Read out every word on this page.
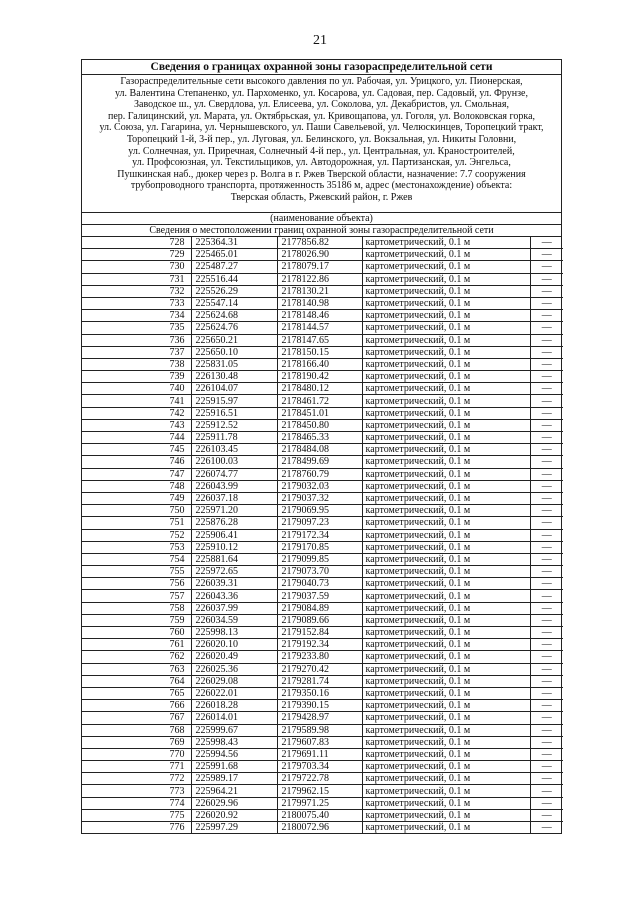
21
Сведения о границах охранной зоны газораспределительной сети
Газораспределительные сети высокого давления по ул. Рабочая, ул. Урицкого, ул. Пионерская,
ул. Валентина Степаненко, ул. Пархоменко, ул. Косарова, ул. Садовая, пер. Садовый, ул. Фрунзе,
Заводское ш., ул. Свердлова, ул. Елисеева, ул. Соколова, ул. Декабристов, ул. Смольная,
пер. Галицинский, ул. Марата, ул. Октябрьская, ул. Кривощапова, ул. Гоголя, ул. Волоковская горка,
ул. Союза, ул. Гагарина, ул. Чернышевского, ул. Паши Савельевой, ул. Челюскинцев, Торопецкий тракт,
Торопецкий 1-й, 3-й пер., ул. Луговая, ул. Белинского, ул. Вокзальная, ул. Никиты Головни,
ул. Солнечная, ул. Приречная, Солнечный 4-й пер., ул. Центральная, ул. Краностроителей,
ул. Профсоюзная, ул. Текстильщиков, ул. Автодорожная, ул. Партизанская, ул. Энгельса,
Пушкинская наб., дюкер через р. Волга в г. Ржев Тверской области, назначение: 7.7 сооружения
трубопроводного транспорта, протяженность 35186 м, адрес (местонахождение) объекта:
Тверская область, Ржевский район, г. Ржев
(наименование объекта)
Сведения о местоположении границ охранной зоны газораспределительной сети
728	225364.31	2177856.82	картометрический, 0.1 м	—
729	225465.01	2178026.90	картометрический, 0.1 м	—
730	225487.27	2178079.17	картометрический, 0.1 м	—
731	225516.44	2178122.86	картометрический, 0.1 м	—
732	225526.29	2178130.21	картометрический, 0.1 м	—
733	225547.14	2178140.98	картометрический, 0.1 м	—
734	225624.68	2178148.46	картометрический, 0.1 м	—
735	225624.76	2178144.57	картометрический, 0.1 м	—
736	225650.21	2178147.65	картометрический, 0.1 м	—
737	225650.10	2178150.15	картометрический, 0.1 м	—
738	225831.05	2178166.40	картометрический, 0.1 м	—
739	226130.48	2178190.42	картометрический, 0.1 м	—
740	226104.07	2178480.12	картометрический, 0.1 м	—
741	225915.97	2178461.72	картометрический, 0.1 м	—
742	225916.51	2178451.01	картометрический, 0.1 м	—
743	225912.52	2178450.80	картометрический, 0.1 м	—
744	225911.78	2178465.33	картометрический, 0.1 м	—
745	226103.45	2178484.08	картометрический, 0.1 м	—
746	226100.03	2178499.69	картометрический, 0.1 м	—
747	226074.77	2178760.79	картометрический, 0.1 м	—
748	226043.99	2179032.03	картометрический, 0.1 м	—
749	226037.18	2179037.32	картометрический, 0.1 м	—
750	225971.20	2179069.95	картометрический, 0.1 м	—
751	225876.28	2179097.23	картометрический, 0.1 м	—
752	225906.41	2179172.34	картометрический, 0.1 м	—
753	225910.12	2179170.85	картометрический, 0.1 м	—
754	225881.64	2179099.85	картометрический, 0.1 м	—
755	225972.65	2179073.70	картометрический, 0.1 м	—
756	226039.31	2179040.73	картометрический, 0.1 м	—
757	226043.36	2179037.59	картометрический, 0.1 м	—
758	226037.99	2179084.89	картометрический, 0.1 м	—
759	226034.59	2179089.66	картометрический, 0.1 м	—
760	225998.13	2179152.84	картометрический, 0.1 м	—
761	226020.10	2179192.34	картометрический, 0.1 м	—
762	226020.49	2179233.80	картометрический, 0.1 м	—
763	226025.36	2179270.42	картометрический, 0.1 м	—
764	226029.08	2179281.74	картометрический, 0.1 м	—
765	226022.01	2179350.16	картометрический, 0.1 м	—
766	226018.28	2179390.15	картометрический, 0.1 м	—
767	226014.01	2179428.97	картометрический, 0.1 м	—
768	225999.67	2179589.98	картометрический, 0.1 м	—
769	225998.43	2179607.83	картометрический, 0.1 м	—
770	225994.56	2179691.11	картометрический, 0.1 м	—
771	225991.68	2179703.34	картометрический, 0.1 м	—
772	225989.17	2179722.78	картометрический, 0.1 м	—
773	225964.21	2179962.15	картометрический, 0.1 м	—
774	226029.96	2179971.25	картометрический, 0.1 м	—
775	226020.92	2180075.40	картометрический, 0.1 м	—
776	225997.29	2180072.96	картометрический, 0.1 м	—
